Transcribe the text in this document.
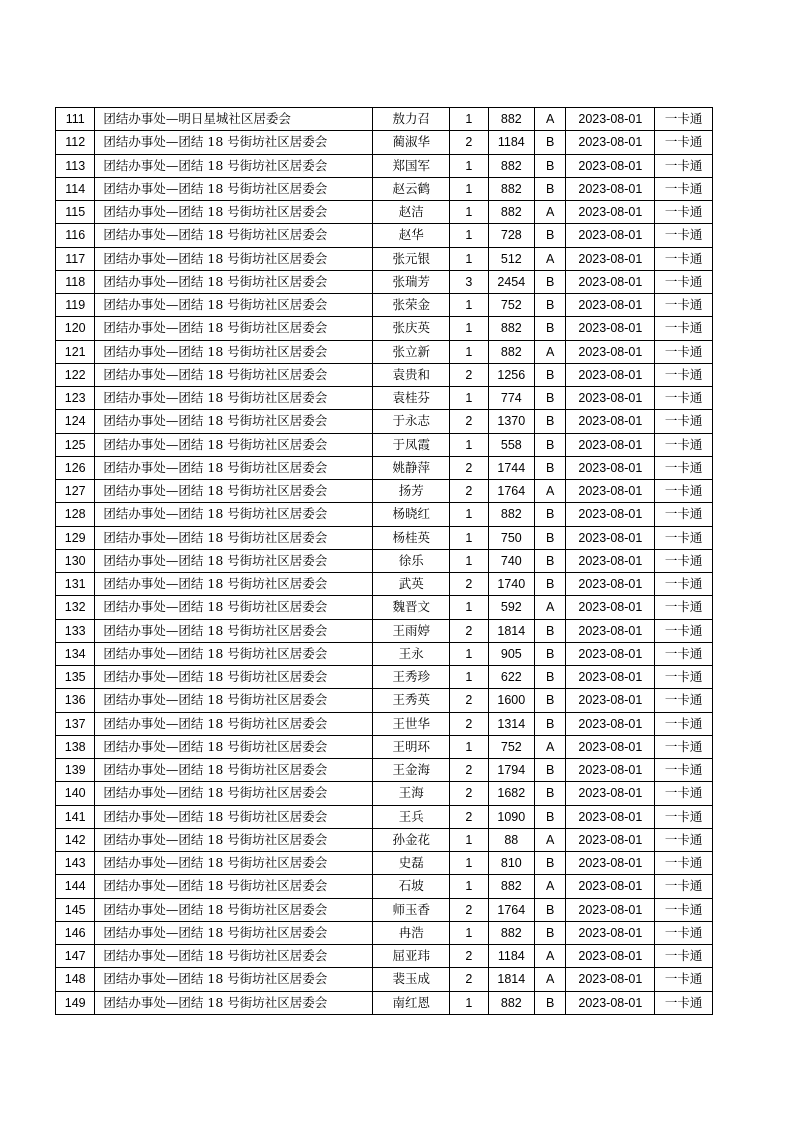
111	团结办事处—明日星城社区居委会	敖力召	1	882	A	2023-08-01	一卡通
112	团结办事处—团结 18 号街坊社区居委会	蔺淑华	2	1184	B	2023-08-01	一卡通
113	团结办事处—团结 18 号街坊社区居委会	郑国军	1	882	B	2023-08-01	一卡通
114	团结办事处—团结 18 号街坊社区居委会	赵云鹤	1	882	B	2023-08-01	一卡通
115	团结办事处—团结 18 号街坊社区居委会	赵洁	1	882	A	2023-08-01	一卡通
116	团结办事处—团结 18 号街坊社区居委会	赵华	1	728	B	2023-08-01	一卡通
117	团结办事处—团结 18 号街坊社区居委会	张元银	1	512	A	2023-08-01	一卡通
118	团结办事处—团结 18 号街坊社区居委会	张瑞芳	3	2454	B	2023-08-01	一卡通
119	团结办事处—团结 18 号街坊社区居委会	张荣金	1	752	B	2023-08-01	一卡通
120	团结办事处—团结 18 号街坊社区居委会	张庆英	1	882	B	2023-08-01	一卡通
121	团结办事处—团结 18 号街坊社区居委会	张立新	1	882	A	2023-08-01	一卡通
122	团结办事处—团结 18 号街坊社区居委会	袁贵和	2	1256	B	2023-08-01	一卡通
123	团结办事处—团结 18 号街坊社区居委会	袁桂芬	1	774	B	2023-08-01	一卡通
124	团结办事处—团结 18 号街坊社区居委会	于永志	2	1370	B	2023-08-01	一卡通
125	团结办事处—团结 18 号街坊社区居委会	于凤霞	1	558	B	2023-08-01	一卡通
126	团结办事处—团结 18 号街坊社区居委会	姚静萍	2	1744	B	2023-08-01	一卡通
127	团结办事处—团结 18 号街坊社区居委会	扬芳	2	1764	A	2023-08-01	一卡通
128	团结办事处—团结 18 号街坊社区居委会	杨晓红	1	882	B	2023-08-01	一卡通
129	团结办事处—团结 18 号街坊社区居委会	杨桂英	1	750	B	2023-08-01	一卡通
130	团结办事处—团结 18 号街坊社区居委会	徐乐	1	740	B	2023-08-01	一卡通
131	团结办事处—团结 18 号街坊社区居委会	武英	2	1740	B	2023-08-01	一卡通
132	团结办事处—团结 18 号街坊社区居委会	魏晋文	1	592	A	2023-08-01	一卡通
133	团结办事处—团结 18 号街坊社区居委会	王雨婷	2	1814	B	2023-08-01	一卡通
134	团结办事处—团结 18 号街坊社区居委会	王永	1	905	B	2023-08-01	一卡通
135	团结办事处—团结 18 号街坊社区居委会	王秀珍	1	622	B	2023-08-01	一卡通
136	团结办事处—团结 18 号街坊社区居委会	王秀英	2	1600	B	2023-08-01	一卡通
137	团结办事处—团结 18 号街坊社区居委会	王世华	2	1314	B	2023-08-01	一卡通
138	团结办事处—团结 18 号街坊社区居委会	王明环	1	752	A	2023-08-01	一卡通
139	团结办事处—团结 18 号街坊社区居委会	王金海	2	1794	B	2023-08-01	一卡通
140	团结办事处—团结 18 号街坊社区居委会	王海	2	1682	B	2023-08-01	一卡通
141	团结办事处—团结 18 号街坊社区居委会	王兵	2	1090	B	2023-08-01	一卡通
142	团结办事处—团结 18 号街坊社区居委会	孙金花	1	88	A	2023-08-01	一卡通
143	团结办事处—团结 18 号街坊社区居委会	史磊	1	810	B	2023-08-01	一卡通
144	团结办事处—团结 18 号街坊社区居委会	石坡	1	882	A	2023-08-01	一卡通
145	团结办事处—团结 18 号街坊社区居委会	师玉香	2	1764	B	2023-08-01	一卡通
146	团结办事处—团结 18 号街坊社区居委会	冉浩	1	882	B	2023-08-01	一卡通
147	团结办事处—团结 18 号街坊社区居委会	屈亚玮	2	1184	A	2023-08-01	一卡通
148	团结办事处—团结 18 号街坊社区居委会	裴玉成	2	1814	A	2023-08-01	一卡通
149	团结办事处—团结 18 号街坊社区居委会	南红恩	1	882	B	2023-08-01	一卡通
